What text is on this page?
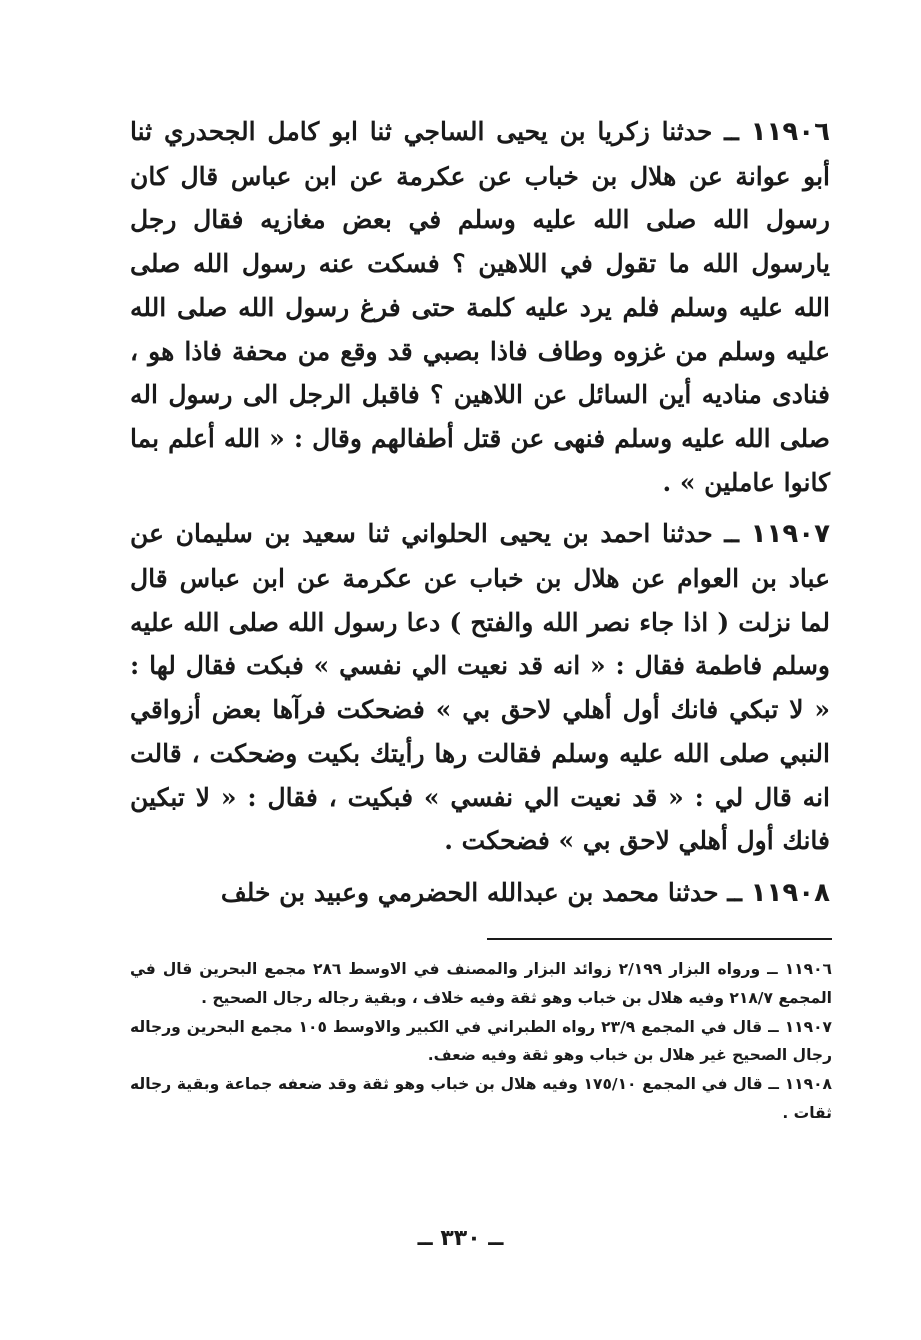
١١٩٠٦ ــ حدثنا زكريا بن يحيى الساجي ثنا ابو كامل الجحدري ثنا أبو عوانة عن هلال بن خباب عن عكرمة عن ابن عباس قال كان رسول الله صلى الله عليه وسلم في بعض مغازيه فقال رجل يارسول الله ما تقول في اللاهين ؟ فسكت عنه رسول الله صلى الله عليه وسلم فلم يرد عليه كلمة حتى فرغ رسول الله صلى الله عليه وسلم من غزوه وطاف فاذا بصبي قد وقع من محفة فاذا هو ، فنادى مناديه أين السائل عن اللاهين ؟ فاقبل الرجل الى رسول اله صلى الله عليه وسلم فنهى عن قتل أطفالهم وقال : « الله أعلم بما كانوا عاملين » .

١١٩٠٧ ــ حدثنا احمد بن يحيى الحلواني ثنا سعيد بن سليمان عن عباد بن العوام عن هلال بن خباب عن عكرمة عن ابن عباس قال لما نزلت ( اذا جاء نصر الله والفتح ) دعا رسول الله صلى الله عليه وسلم فاطمة فقال : « انه قد نعيت الي نفسي » فبكت فقال لها : « لا تبكي فانك أول أهلي لاحق بي » فضحكت فرآها بعض أزواقي النبي صلى الله عليه وسلم فقالت رها رأيتك بكيت وضحكت ، قالت انه قال لي : « قد نعيت الي نفسي » فبكيت ، فقال : « لا تبكين فانك أول أهلي لاحق بي » فضحكت .

١١٩٠٨ ــ حدثنا محمد بن عبدالله الحضرمي وعبيد بن خلف

١١٩٠٦ ــ ورواه البزار ٢/١٩٩ زوائد البزار والمصنف في الاوسط ٢٨٦ مجمع البحرين قال في المجمع ٢١٨/٧ وفيه هلال بن خباب وهو ثقة وفيه خلاف ، وبقية رجاله رجال الصحيح .

١١٩٠٧ ــ قال في المجمع ٢٣/٩ رواه الطبراني في الكبير والاوسط ١٠٥ مجمع البحرين ورجاله رجال الصحيح غير هلال بن خباب وهو ثقة وفيه ضعف.

١١٩٠٨ ــ قال في المجمع ١٧٥/١٠ وفيه هلال بن خباب وهو ثقة وقد ضعفه جماعة وبقية رجاله ثقات .

ــ ٣٣٠ ــ
